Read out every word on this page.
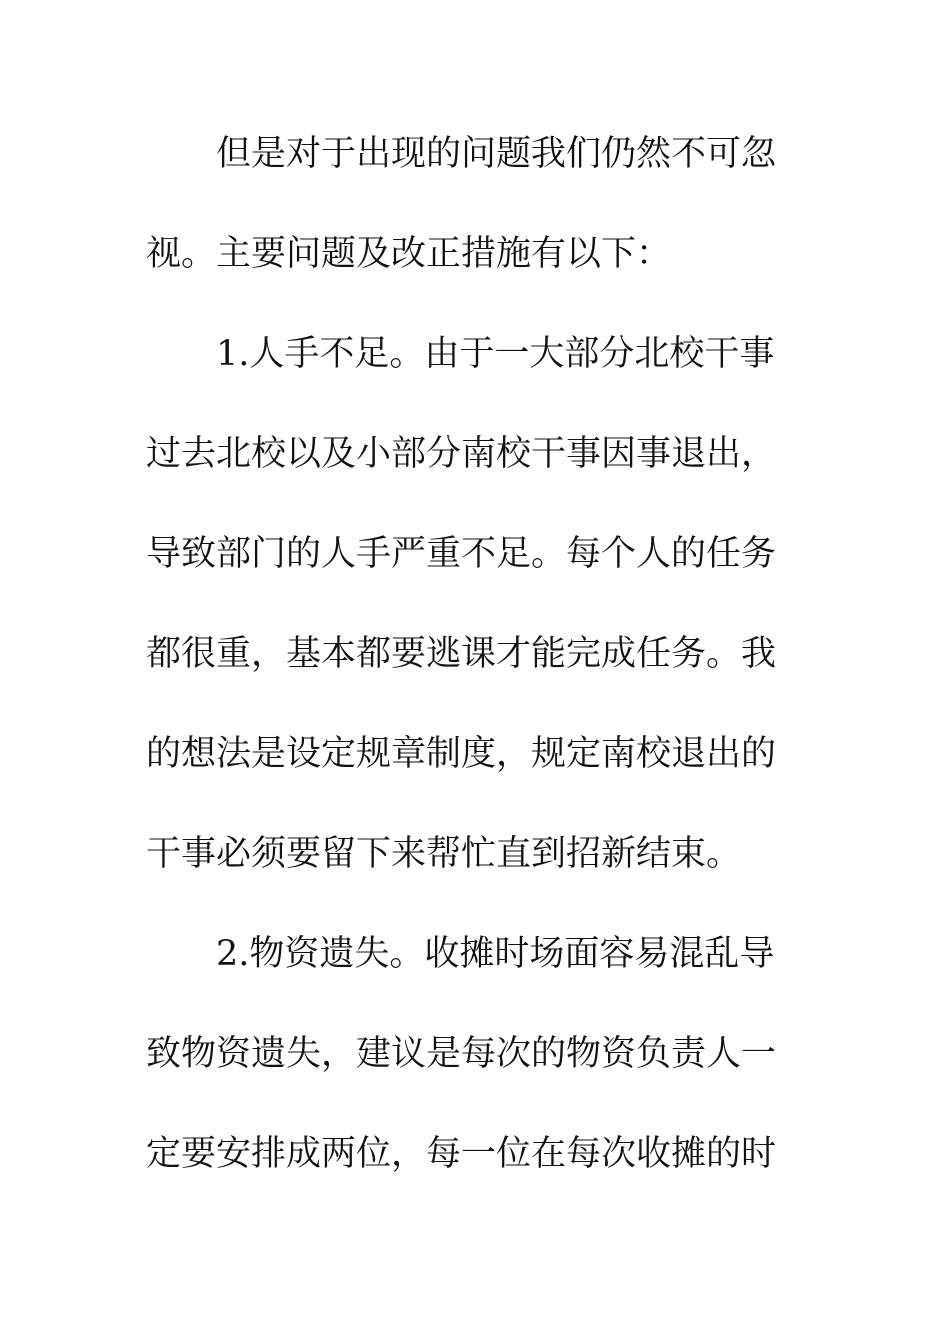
但是对于出现的问题我们仍然不可忽
视。主要问题及改正措施有以下：
1.人手不足。由于一大部分北校干事
过去北校以及小部分南校干事因事退出，
导致部门的人手严重不足。每个人的任务
都很重，基本都要逃课才能完成任务。我
的想法是设定规章制度，规定南校退出的
干事必须要留下来帮忙直到招新结束。
2.物资遗失。收摊时场面容易混乱导
致物资遗失，建议是每次的物资负责人一
定要安排成两位，每一位在每次收摊的时
